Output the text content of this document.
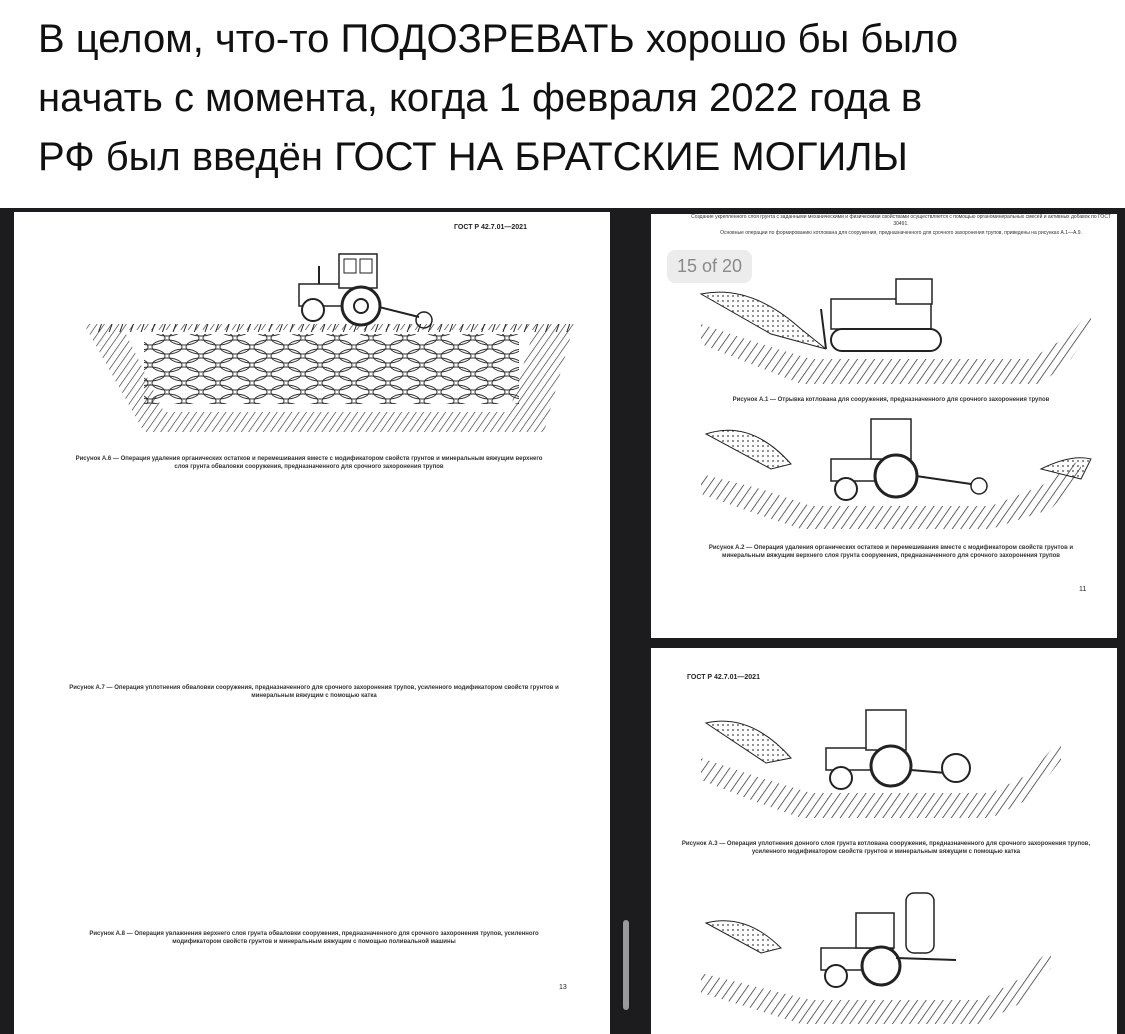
В целом, что-то ПОДОЗРЕВАТЬ хорошо бы было
начать с момента, когда 1 февраля 2022 года в
РФ был введён ГОСТ НА БРАТСКИЕ МОГИЛЫ
ГОСТ Р 42.7.01—2021
Рисунок А.6 — Операция удаления органических остатков и перемешивания вместе с модификатором свойств грунтов и минеральным вяжущим верхнего слоя грунта обваловки сооружения, предназначенного для срочного захоронения трупов
Рисунок А.7 — Операция уплотнения обваловки сооружения, предназначенного для срочного захоронения трупов, усиленного модификатором свойств грунтов и минеральным вяжущим с помощью катка
Рисунок А.8 — Операция увлажнения верхнего слоя грунта обваловки сооружения, предназначенного для срочного захоронения трупов, усиленного модификатором свойств грунтов и минеральным вяжущим с помощью поливальной машины
13
Создание укрепленного слоя грунта с заданными механическими и физическими свойствами осуществляется с помощью органоминеральных смесей и активных добавок по ГОСТ 30491.
Основные операции по формированию котлована для сооружения, предназначенного для срочного захоронения трупов, приведены на рисунках А.1—А.9.
15 of 20
Рисунок А.1 — Отрывка котлована для сооружения, предназначенного для срочного захоронения трупов
Рисунок А.2 — Операция удаления органических остатков и перемешивания вместе с модификатором свойств грунтов и минеральным вяжущим верхнего слоя грунта сооружения, предназначенного для срочного захоронения трупов
11
ГОСТ Р 42.7.01—2021
Рисунок А.3 — Операция уплотнения донного слоя грунта котлована сооружения, предназначенного для срочного захоронения трупов, усиленного модификатором свойств грунтов и минеральным вяжущим с помощью катка
